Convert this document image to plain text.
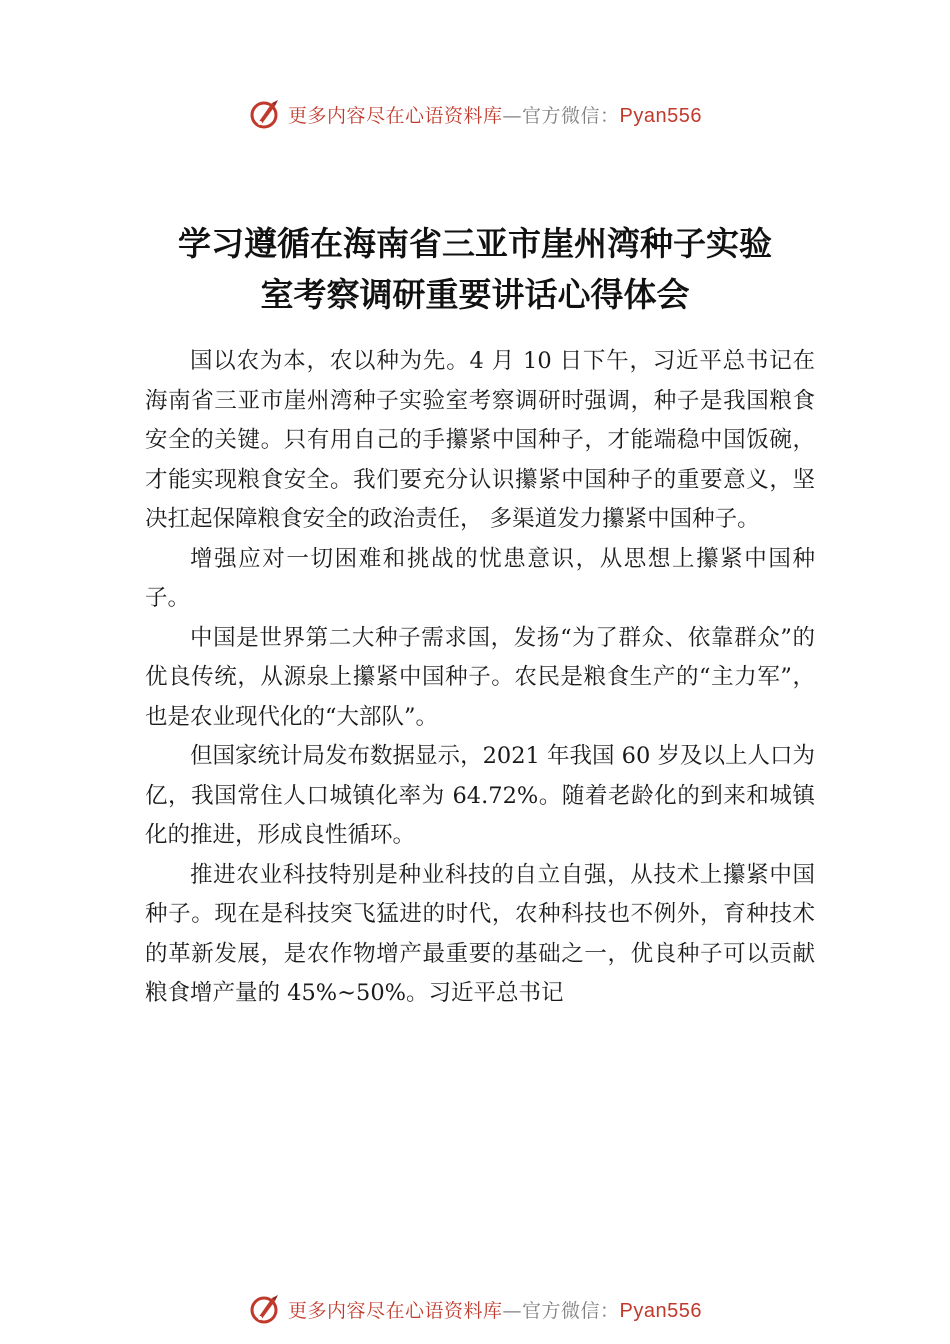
更多内容尽在心语资料库—官方微信：Pyan556
学习遵循在海南省三亚市崖州湾种子实验
室考察调研重要讲话心得体会

国以农为本，农以种为先。4 月 10 日下午，习近平总书记在海南省三亚市崖州湾种子实验室考察调研时强调，种子是我国粮食安全的关键。只有用自己的手攥紧中国种子，才能端稳中国饭碗，才能实现粮食安全。我们要充分认识攥紧中国种子的重要意义，坚决扛起保障粮食安全的政治责任， 多渠道发力攥紧中国种子。

增强应对一切困难和挑战的忧患意识，从思想上攥紧中国种子。

中国是世界第二大种子需求国，发扬“为了群众、依靠群众”的优良传统，从源泉上攥紧中国种子。农民是粮食生产的“主力军”，也是农业现代化的“大部队”。

但国家统计局发布数据显示，2021 年我国 60 岁及以上人口为亿，我国常住人口城镇化率为 64.72%。随着老龄化的到来和城镇化的推进，形成良性循环。

推进农业科技特别是种业科技的自立自强，从技术上攥紧中国种子。现在是科技突飞猛进的时代，农种科技也不例外，育种技术的革新发展，是农作物增产最重要的基础之一，优良种子可以贡献粮食增产量的 45%~50%。习近平总书记

更多内容尽在心语资料库—官方微信：Pyan556
